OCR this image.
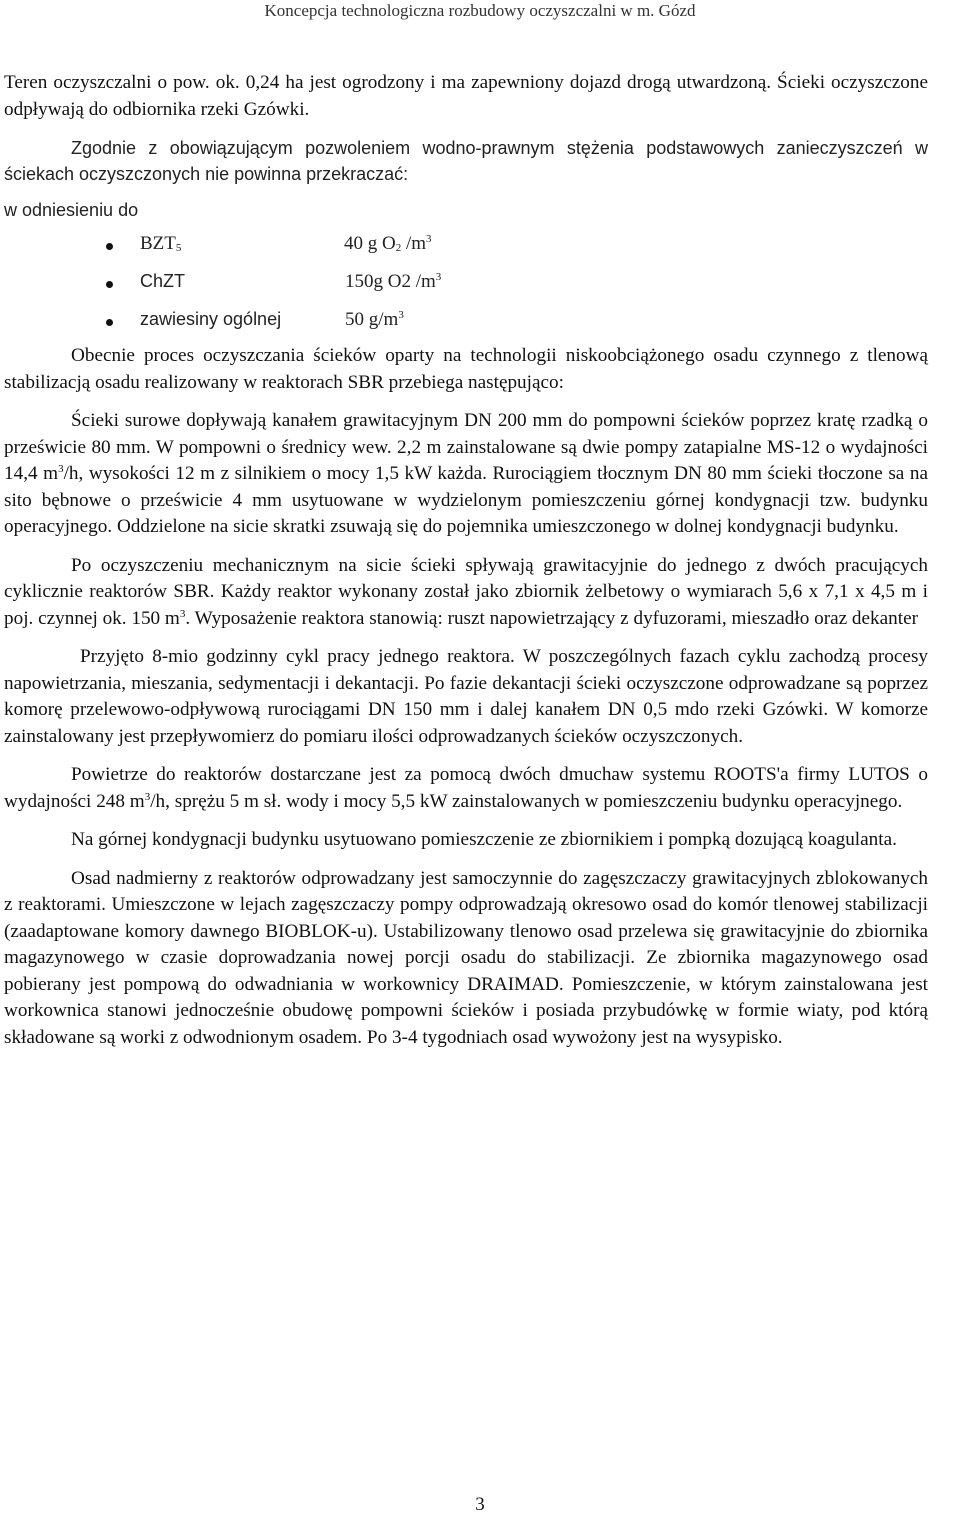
Koncepcja technologiczna rozbudowy oczyszczalni w m. Gózd

Teren oczyszczalni o pow. ok. 0,24 ha jest ogrodzony i ma zapewniony dojazd drogą utwardzoną. Ścieki oczyszczone odpływają do odbiornika rzeki Gzówki.

Zgodnie z obowiązującym pozwoleniem wodno-prawnym stężenia podstawowych zanieczyszczeń w ściekach oczyszczonych nie powinna przekraczać:

w odniesieniu do
$BZT_5$	40 g $O_2$ $/m^3$
ChZT	150g O2 $/m^3$
zawiesiny ogólnej	50 $g/m^3$

Obecnie proces oczyszczania ścieków oparty na technologii niskoobciążonego osadu czynnego z tlenową stabilizacją osadu realizowany w reaktorach SBR przebiega następująco:

Ścieki surowe dopływają kanałem grawitacyjnym DN 200 mm do pompowni ścieków poprzez kratę rzadką o prześwicie 80 mm. W pompowni o średnicy wew. 2,2 m zainstalowane są dwie pompy zatapialne MS-12 o wydajności 14,4 $m^3/h$, wysokości 12 m z silnikiem o mocy 1,5 kW każda. Rurociągiem tłocznym DN 80 mm ścieki tłoczone sa na sito bębnowe o prześwicie 4 mm usytuowane w wydzielonym pomieszczeniu górnej kondygnacji tzw. budynku operacyjnego. Oddzielone na sicie skratki zsuwają się do pojemnika umieszczonego w dolnej kondygnacji budynku.

Po oczyszczeniu mechanicznym na sicie ścieki spływają grawitacyjnie do jednego z dwóch pracujących cyklicznie reaktorów SBR. Każdy reaktor wykonany został jako zbiornik żelbetowy o wymiarach 5,6 x 7,1 x 4,5 m i poj. czynnej ok. 150 $m^3$. Wyposażenie reaktora stanowią: ruszt napowietrzający z dyfuzorami, mieszadło oraz dekanter

Przyjęto 8-mio godzinny cykl pracy jednego reaktora. W poszczególnych fazach cyklu zachodzą procesy napowietrzania, mieszania, sedymentacji i dekantacji. Po fazie dekantacji ścieki oczyszczone odprowadzane są poprzez komorę przelewowo-odpływową rurociągami DN 150 mm i dalej kanałem DN 0,5 mdo rzeki Gzówki. W komorze zainstalowany jest przepływomierz do pomiaru ilości odprowadzanych ścieków oczyszczonych.

Powietrze do reaktorów dostarczane jest za pomocą dwóch dmuchaw systemu ROOTS'a firmy LUTOS o wydajności 248 $m^3/h$, sprężu 5 m sł. wody i mocy 5,5 kW zainstalowanych w pomieszczeniu budynku operacyjnego.

Na górnej kondygnacji budynku usytuowano pomieszczenie ze zbiornikiem i pompką dozującą koagulanta.

Osad nadmierny z reaktorów odprowadzany jest samoczynnie do zagęszczaczy grawitacyjnych zblokowanych z reaktorami. Umieszczone w lejach zagęszczaczy pompy odprowadzają okresowo osad do komór tlenowej stabilizacji (zaadaptowane komory dawnego BIOBLOK-u). Ustabilizowany tlenowo osad przelewa się grawitacyjnie do zbiornika magazynowego w czasie doprowadzania nowej porcji osadu do stabilizacji. Ze zbiornika magazynowego osad pobierany jest pompową do odwadniania w workownicy DRAIMAD. Pomieszczenie, w którym zainstalowana jest workownica stanowi jednocześnie obudowę pompowni ścieków i posiada przybudówkę w formie wiaty, pod którą składowane są worki z odwodnionym osadem. Po 3-4 tygodniach osad wywożony jest na wysypisko.

3
